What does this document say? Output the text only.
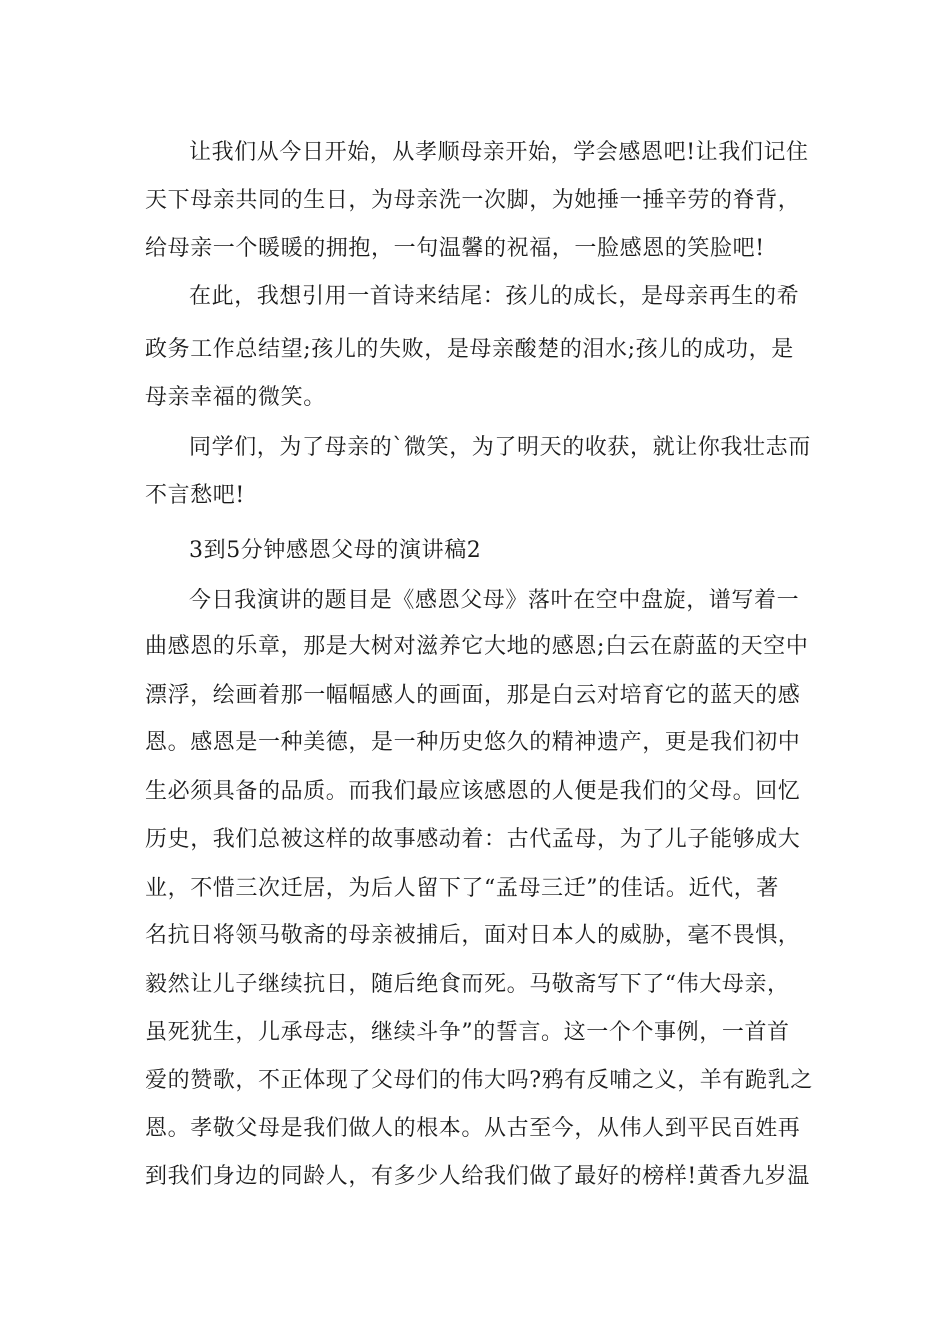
让我们从今日开始，从孝顺母亲开始，学会感恩吧!让我们记住
天下母亲共同的生日，为母亲洗一次脚，为她捶一捶辛劳的脊背，
给母亲一个暖暖的拥抱，一句温馨的祝福，一脸感恩的笑脸吧!
在此，我想引用一首诗来结尾：孩儿的成长，是母亲再生的希
政务工作总结望;孩儿的失败，是母亲酸楚的泪水;孩儿的成功，是
母亲幸福的微笑。
同学们，为了母亲的`微笑，为了明天的收获，就让你我壮志而
不言愁吧!
3到5分钟感恩父母的演讲稿2
今日我演讲的题目是《感恩父母》落叶在空中盘旋，谱写着一
曲感恩的乐章，那是大树对滋养它大地的感恩;白云在蔚蓝的天空中
漂浮，绘画着那一幅幅感人的画面，那是白云对培育它的蓝天的感
恩。感恩是一种美德，是一种历史悠久的精神遗产，更是我们初中
生必须具备的品质。而我们最应该感恩的人便是我们的父母。回忆
历史，我们总被这样的故事感动着：古代孟母，为了儿子能够成大
业，不惜三次迁居，为后人留下了“孟母三迁”的佳话。近代，著
名抗日将领马敬斋的母亲被捕后，面对日本人的威胁，毫不畏惧，
毅然让儿子继续抗日，随后绝食而死。马敬斋写下了“伟大母亲，
虽死犹生，儿承母志，继续斗争”的誓言。这一个个事例，一首首
爱的赞歌，不正体现了父母们的伟大吗?鸦有反哺之义，羊有跪乳之
恩。孝敬父母是我们做人的根本。从古至今，从伟人到平民百姓再
到我们身边的同龄人，有多少人给我们做了最好的榜样!黄香九岁温
